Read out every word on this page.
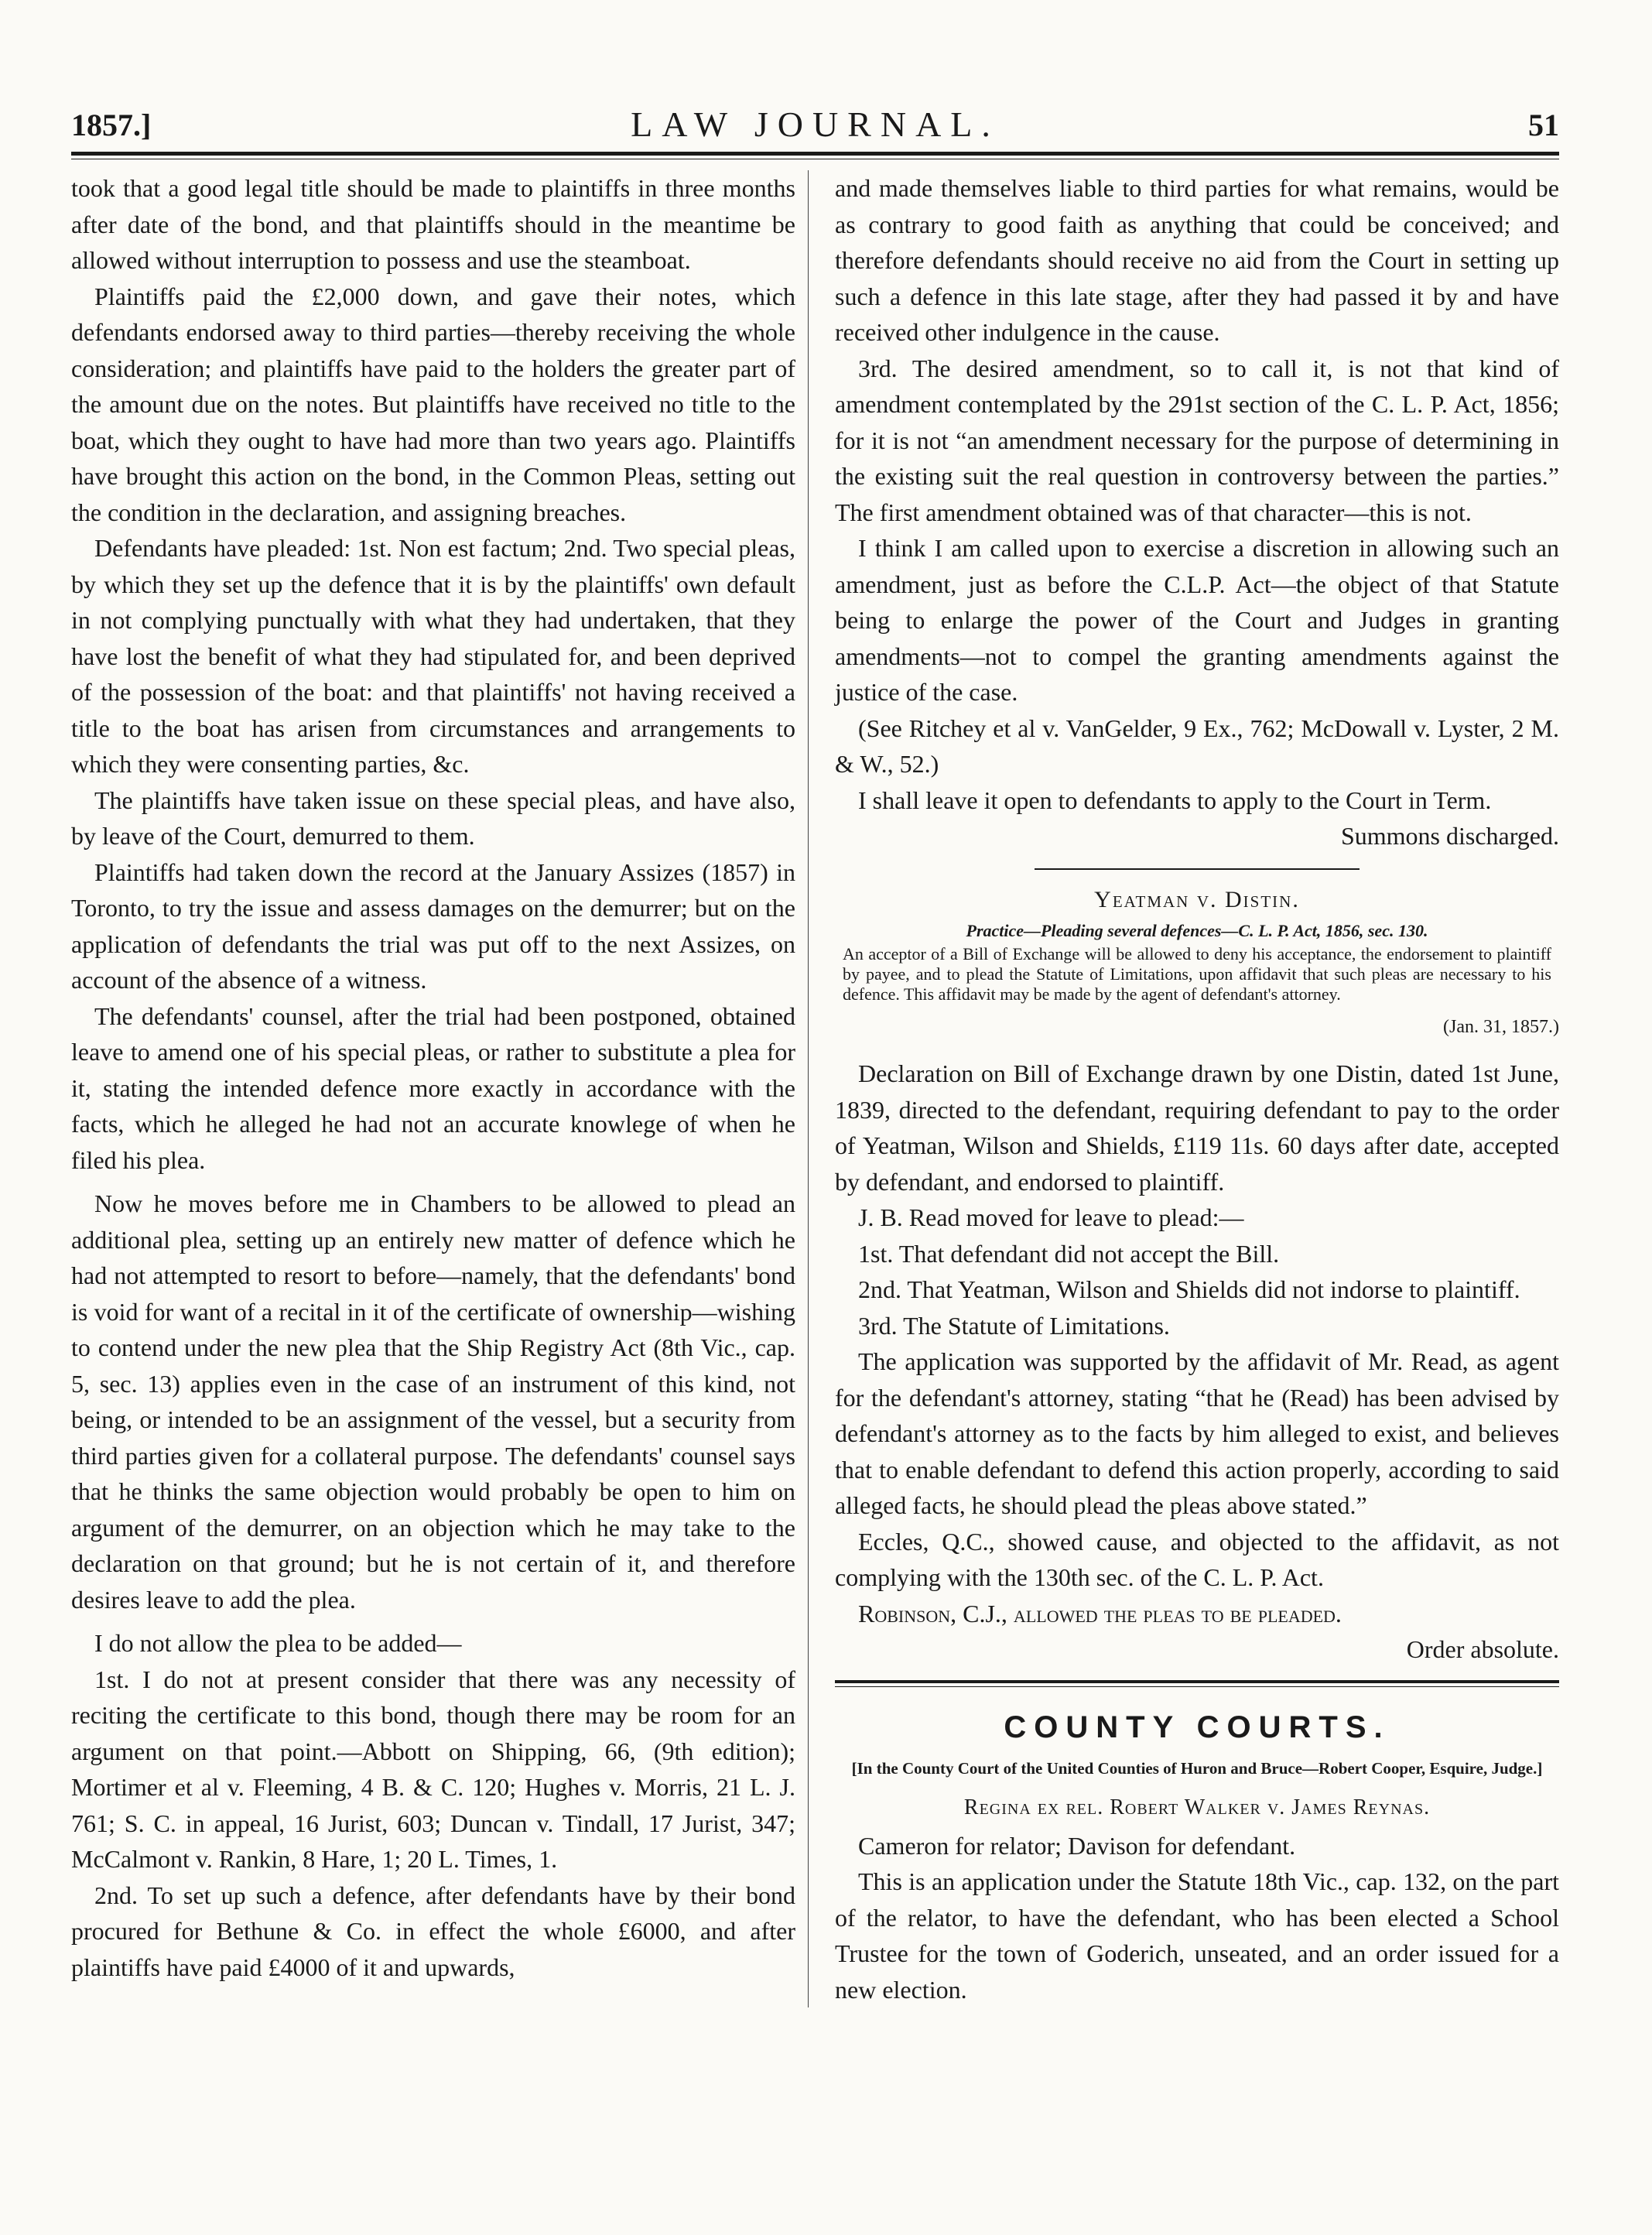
1857.]	LAW JOURNAL.	51

took that a good legal title should be made to plaintiffs in three months after date of the bond, and that plaintiffs should in the meantime be allowed without interruption to possess and use the steamboat.

Plaintiffs paid the £2,000 down, and gave their notes, which defendants endorsed away to third parties—thereby receiving the whole consideration; and plaintiffs have paid to the holders the greater part of the amount due on the notes. But plaintiffs have received no title to the boat, which they ought to have had more than two years ago. Plaintiffs have brought this action on the bond, in the Common Pleas, setting out the condition in the declaration, and assigning breaches.

Defendants have pleaded: 1st. Non est factum; 2nd. Two special pleas, by which they set up the defence that it is by the plaintiffs' own default in not complying punctually with what they had undertaken, that they have lost the benefit of what they had stipulated for, and been deprived of the possession of the boat: and that plaintiffs' not having received a title to the boat has arisen from circumstances and arrangements to which they were consenting parties, &c.

The plaintiffs have taken issue on these special pleas, and have also, by leave of the Court, demurred to them.

Plaintiffs had taken down the record at the January Assizes (1857) in Toronto, to try the issue and assess damages on the demurrer; but on the application of defendants the trial was put off to the next Assizes, on account of the absence of a witness.

The defendants' counsel, after the trial had been postponed, obtained leave to amend one of his special pleas, or rather to substitute a plea for it, stating the intended defence more exactly in accordance with the facts, which he alleged he had not an accurate knowlege of when he filed his plea.

Now he moves before me in Chambers to be allowed to plead an additional plea, setting up an entirely new matter of defence which he had not attempted to resort to before—namely, that the defendants' bond is void for want of a recital in it of the certificate of ownership—wishing to contend under the new plea that the Ship Registry Act (8th Vic., cap. 5, sec. 13) applies even in the case of an instrument of this kind, not being, or intended to be an assignment of the vessel, but a security from third parties given for a collateral purpose. The defendants' counsel says that he thinks the same objection would probably be open to him on argument of the demurrer, on an objection which he may take to the declaration on that ground; but he is not certain of it, and therefore desires leave to add the plea.

I do not allow the plea to be added—

1st. I do not at present consider that there was any necessity of reciting the certificate to this bond, though there may be room for an argument on that point.—Abbott on Shipping, 66, (9th edition); Mortimer et al v. Fleeming, 4 B. & C. 120; Hughes v. Morris, 21 L. J. 761; S. C. in appeal, 16 Jurist, 603; Duncan v. Tindall, 17 Jurist, 347; McCalmont v. Rankin, 8 Hare, 1; 20 L. Times, 1.

2nd. To set up such a defence, after defendants have by their bond procured for Bethune & Co. in effect the whole £6000, and after plaintiffs have paid £4000 of it and upwards,

and made themselves liable to third parties for what remains, would be as contrary to good faith as anything that could be conceived; and therefore defendants should receive no aid from the Court in setting up such a defence in this late stage, after they had passed it by and have received other indulgence in the cause.

3rd. The desired amendment, so to call it, is not that kind of amendment contemplated by the 291st section of the C. L. P. Act, 1856; for it is not “an amendment necessary for the purpose of determining in the existing suit the real question in controversy between the parties.” The first amendment obtained was of that character—this is not.

I think I am called upon to exercise a discretion in allowing such an amendment, just as before the C.L.P. Act—the object of that Statute being to enlarge the power of the Court and Judges in granting amendments—not to compel the granting amendments against the justice of the case.

(See Ritchey et al v. VanGelder, 9 Ex., 762; McDowall v. Lyster, 2 M. & W., 52.)

I shall leave it open to defendants to apply to the Court in Term.

Summons discharged.

Yeatman v. Distin.
Practice—Pleading several defences—C. L. P. Act, 1856, sec. 130.

An acceptor of a Bill of Exchange will be allowed to deny his acceptance, the endorsement to plaintiff by payee, and to plead the Statute of Limitations, upon affidavit that such pleas are necessary to his defence. This affidavit may be made by the agent of defendant's attorney.

(Jan. 31, 1857.)

Declaration on Bill of Exchange drawn by one Distin, dated 1st June, 1839, directed to the defendant, requiring defendant to pay to the order of Yeatman, Wilson and Shields, £119 11s. 60 days after date, accepted by defendant, and endorsed to plaintiff.

J. B. Read moved for leave to plead:—

1st. That defendant did not accept the Bill.

2nd. That Yeatman, Wilson and Shields did not indorse to plaintiff.

3rd. The Statute of Limitations.

The application was supported by the affidavit of Mr. Read, as agent for the defendant's attorney, stating “that he (Read) has been advised by defendant's attorney as to the facts by him alleged to exist, and believes that to enable defendant to defend this action properly, according to said alleged facts, he should plead the pleas above stated.”

Eccles, Q.C., showed cause, and objected to the affidavit, as not complying with the 130th sec. of the C. L. P. Act.

Robinson, C.J., allowed the pleas to be pleaded.

Order absolute.

COUNTY COURTS.
[In the County Court of the United Counties of Huron and Bruce—Robert Cooper, Esquire, Judge.]
Regina ex rel. Robert Walker v. James Reynas.

Cameron for relator; Davison for defendant.

This is an application under the Statute 18th Vic., cap. 132, on the part of the relator, to have the defendant, who has been elected a School Trustee for the town of Goderich, unseated, and an order issued for a new election.
